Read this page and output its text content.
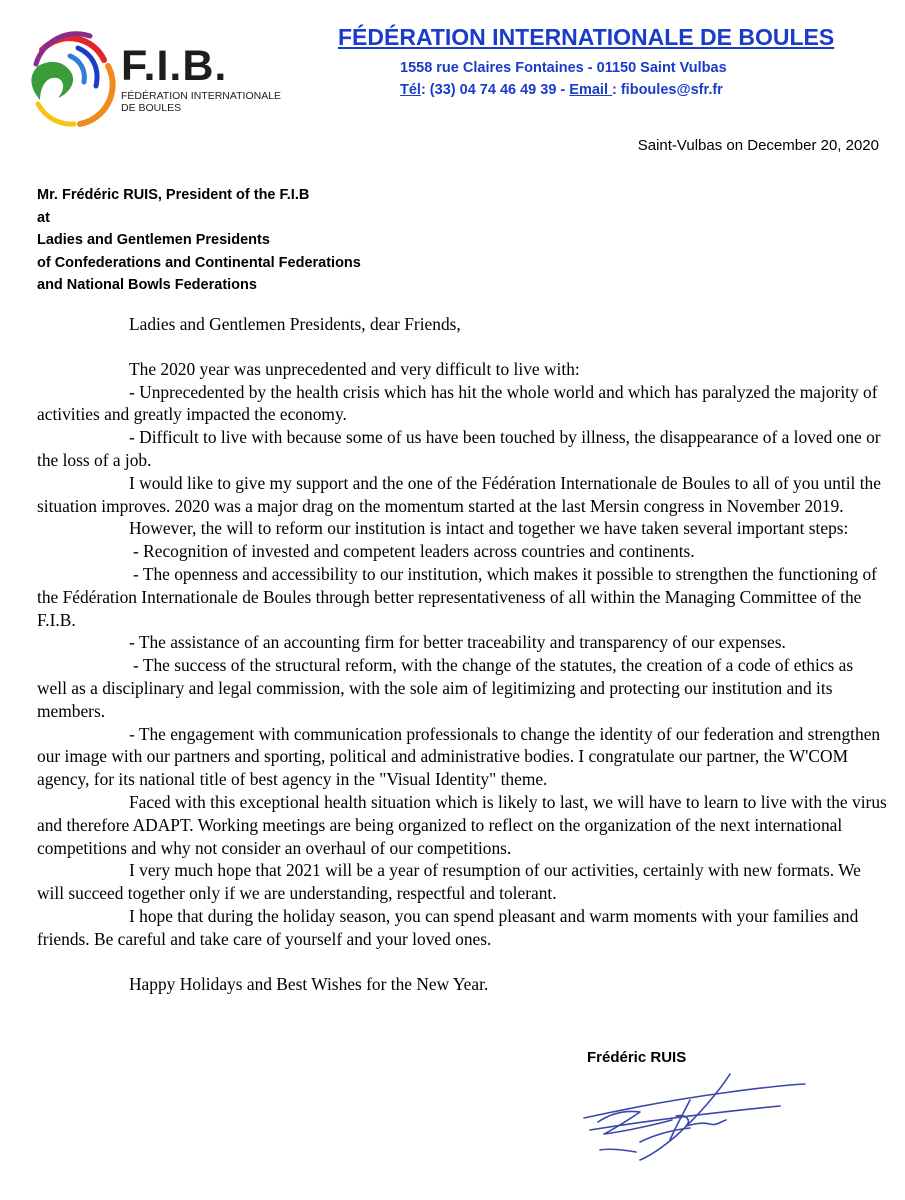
F.I.B.
FÉDÉRATION INTERNATIONALE DE BOULES
FÉDÉRATION INTERNATIONALE DE BOULES
1558 rue Claires Fontaines - 01150 Saint Vulbas
Tél: (33) 04 74 46 49 39 - Email : fiboules@sfr.fr
Saint-Vulbas on December 20, 2020
Mr. Frédéric RUIS, President of the F.I.B
at
Ladies and Gentlemen Presidents
of Confederations and Continental Federations
and National Bowls Federations

Ladies and Gentlemen Presidents, dear Friends,

The 2020 year was unprecedented and very difficult to live with:

- Unprecedented by the health crisis which has hit the whole world and which has paralyzed the majority of activities and greatly impacted the economy.

- Difficult to live with because some of us have been touched by illness, the disappearance of a loved one or the loss of a job.

I would like to give my support and the one of the Fédération Internationale de Boules to all of you until the situation improves. 2020 was a major drag on the momentum started at the last Mersin congress in November 2019.

However, the will to reform our institution is intact and together we have taken several important steps:

- Recognition of invested and competent leaders across countries and continents.

- The openness and accessibility to our institution, which makes it possible to strengthen the functioning of the Fédération Internationale de Boules through better representativeness of all within the Managing Committee of the F.I.B.

- The assistance of an accounting firm for better traceability and transparency of our expenses.

- The success of the structural reform, with the change of the statutes, the creation of a code of ethics as well as a disciplinary and legal commission, with the sole aim of legitimizing and protecting our institution and its members.

- The engagement with communication professionals to change the identity of our federation and strengthen our image with our partners and sporting, political and administrative bodies. I congratulate our partner, the W'COM agency, for its national title of best agency in the "Visual Identity" theme.

Faced with this exceptional health situation which is likely to last, we will have to learn to live with the virus and therefore ADAPT. Working meetings are being organized to reflect on the organization of the next international competitions and why not consider an overhaul of our competitions.

I very much hope that 2021 will be a year of resumption of our activities, certainly with new formats. We will succeed together only if we are understanding, respectful and tolerant.

I hope that during the holiday season, you can spend pleasant and warm moments with your families and friends. Be careful and take care of yourself and your loved ones.

Happy Holidays and Best Wishes for the New Year.

Frédéric RUIS
